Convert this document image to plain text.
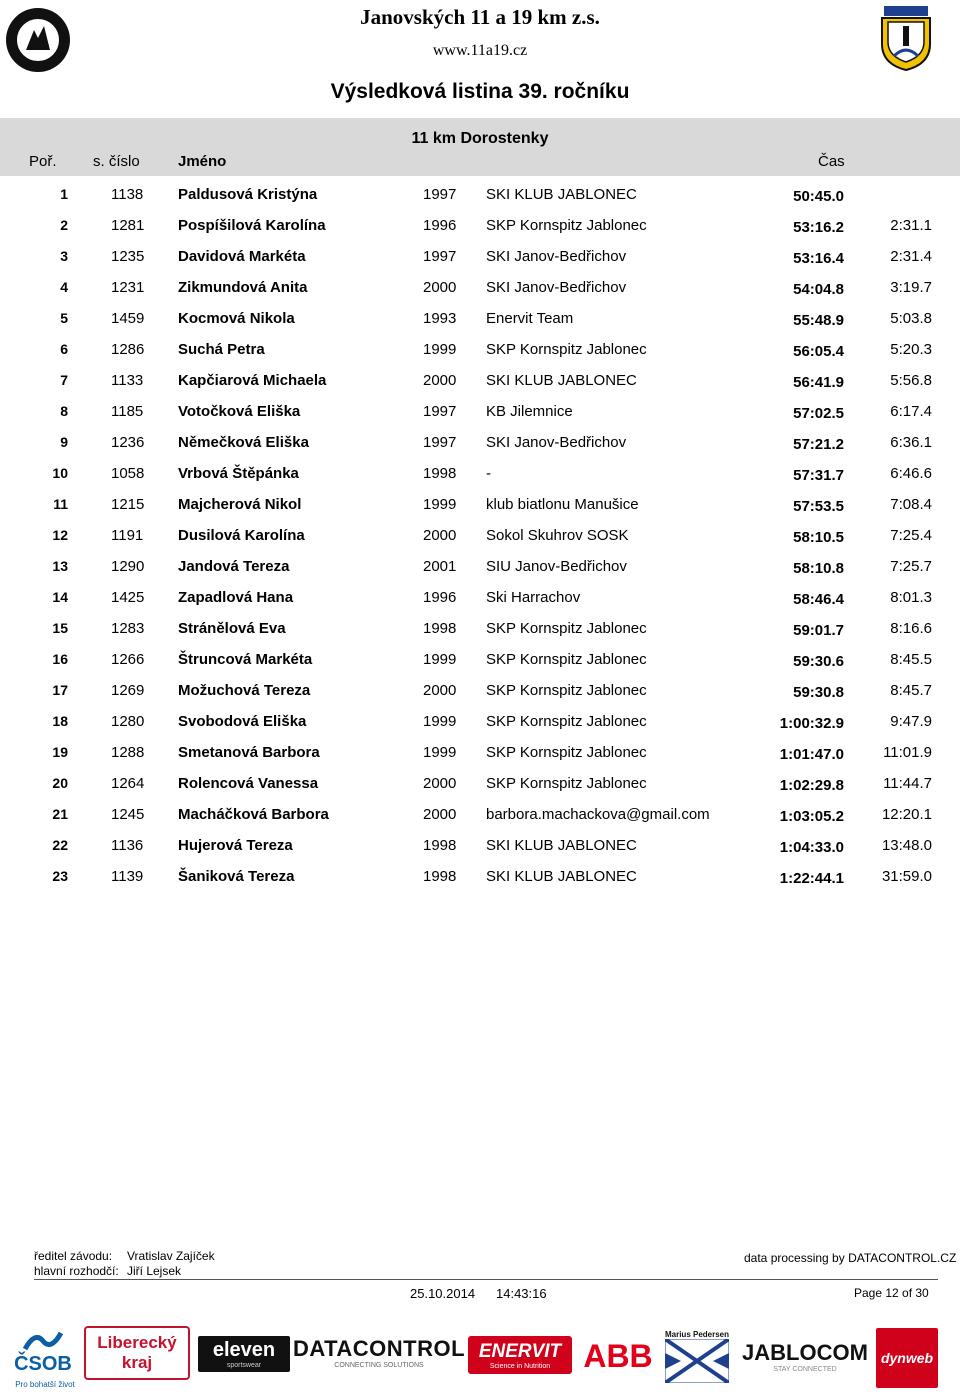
Janovských 11 a 19 km z.s.
www.11a19.cz
Výsledková listina 39. ročníku
11 km Dorostenky
Poř. s. číslo	Jméno	Čas
1	1138 Paldusová Kristýna	1997 SKI KLUB JABLONEC	50:45.0
2	1281 Pospíšilová Karolína	1996 SKP Kornspitz Jablonec	53:16.2	2:31.1
3	1235 Davidová Markéta	1997 SKI Janov-Bedřichov	53:16.4	2:31.4
4	1231 Zikmundová Anita	2000 SKI Janov-Bedřichov	54:04.8	3:19.7
5	1459 Kocmová Nikola	1993 Enervit Team	55:48.9	5:03.8
6	1286 Suchá Petra	1999 SKP Kornspitz Jablonec	56:05.4	5:20.3
7	1133 Kapčiarová Michaela	2000 SKI KLUB JABLONEC	56:41.9	5:56.8
8	1185 Votočková Eliška	1997 KB Jilemnice	57:02.5	6:17.4
9	1236 Němečková Eliška	1997 SKI Janov-Bedřichov	57:21.2	6:36.1
10	1058 Vrbová Štěpánka	1998 -	57:31.7	6:46.6
11	1215 Majcherová Nikol	1999 klub biatlonu Manušice	57:53.5	7:08.4
12	1191 Dusilová Karolína	2000 Sokol Skuhrov SOSK	58:10.5	7:25.4
13	1290 Jandová Tereza	2001 SIU Janov-Bedřichov	58:10.8	7:25.7
14	1425 Zapadlová Hana	1996 Ski Harrachov	58:46.4	8:01.3
15	1283 Stránělová Eva	1998 SKP Kornspitz Jablonec	59:01.7	8:16.6
16	1266 Štruncová Markéta	1999 SKP Kornspitz Jablonec	59:30.6	8:45.5
17	1269 Možuchová Tereza	2000 SKP Kornspitz Jablonec	59:30.8	8:45.7
18	1280 Svobodová Eliška	1999 SKP Kornspitz Jablonec	1:00:32.9	9:47.9
19	1288 Smetanová Barbora	1999 SKP Kornspitz Jablonec	1:01:47.0	11:01.9
20	1264 Rolencová Vanessa	2000 SKP Kornspitz Jablonec	1:02:29.8	11:44.7
21	1245 Macháčková Barbora	2000 barbora.machackova@gmail.com	1:03:05.2	12:20.1
22	1136 Hujerová Tereza	1998 SKI KLUB JABLONEC	1:04:33.0	13:48.0
23	1139 Šaniková Tereza	1998 SKI KLUB JABLONEC	1:22:44.1	31:59.0
ředitel závodu: Vratislav Zajíček
hlavní rozhodčí: Jiří Lejsek
data processing by DATACONTROL.CZ
25.10.2014 14:43:16	Page 12 of 30
ČSOB
Pro bohatší život
Liberecký
kraj
eleven
sportswear
DATACONTROL
CONNECTING SOLUTIONS
ENERVIT
Science in Nutrition ABB
Marius Pedersen
JABLOCOM
STAY CONNECTED
dynweb
